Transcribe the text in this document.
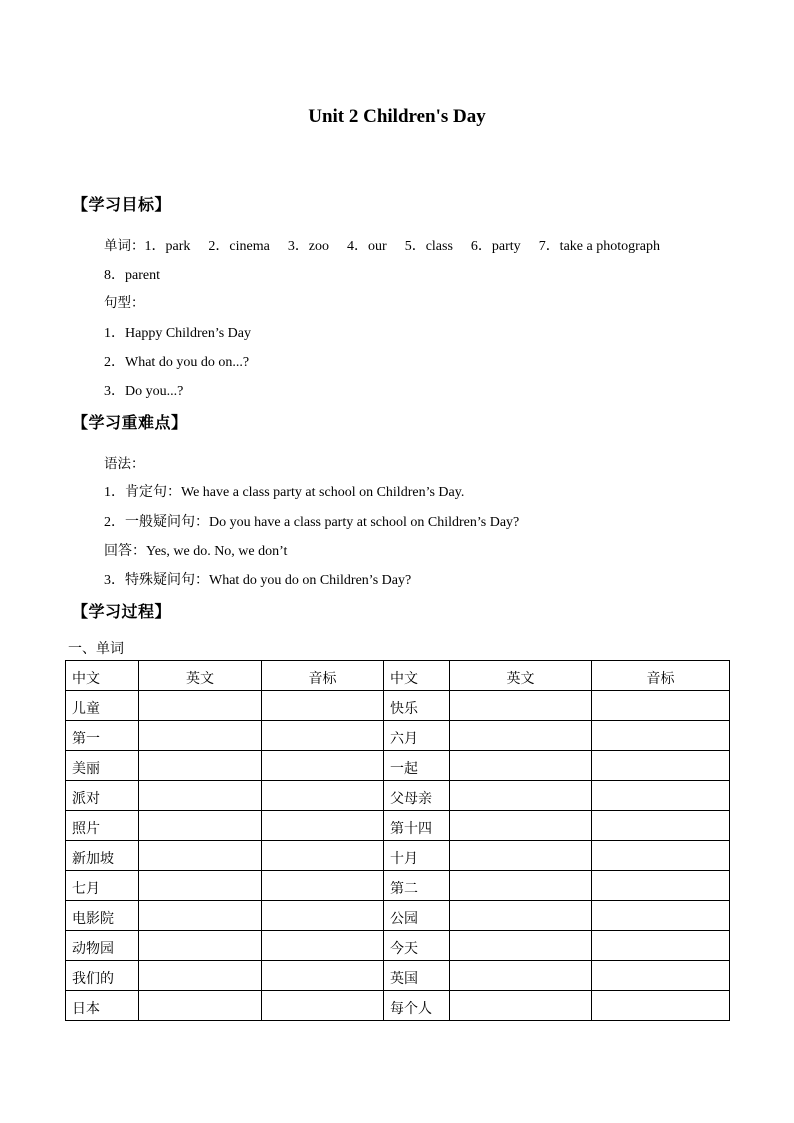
Unit 2 Children's Day
【学习目标】
单词：1．park 2．cinema 3．zoo 4．our 5．class 6．party 7．take a photograph
8．parent
句型：
1．Happy Children’s Day
2．What do you do on...?
3．Do you...?
【学习重难点】
语法：
1．肯定句：We have a class party at school on Children’s Day.
2．一般疑问句：Do you have a class party at school on Children’s Day?
回答：Yes, we do. No, we don’t
3．特殊疑问句：What do you do on Children’s Day?
【学习过程】
一、单词
中文	英文	音标	中文	英文	音标
儿童			快乐		
第一			六月		
美丽			一起		
派对			父母亲		
照片			第十四		
新加坡			十月		
七月			第二		
电影院			公园		
动物园			今天		
我们的			英国		
日本			每个人		
